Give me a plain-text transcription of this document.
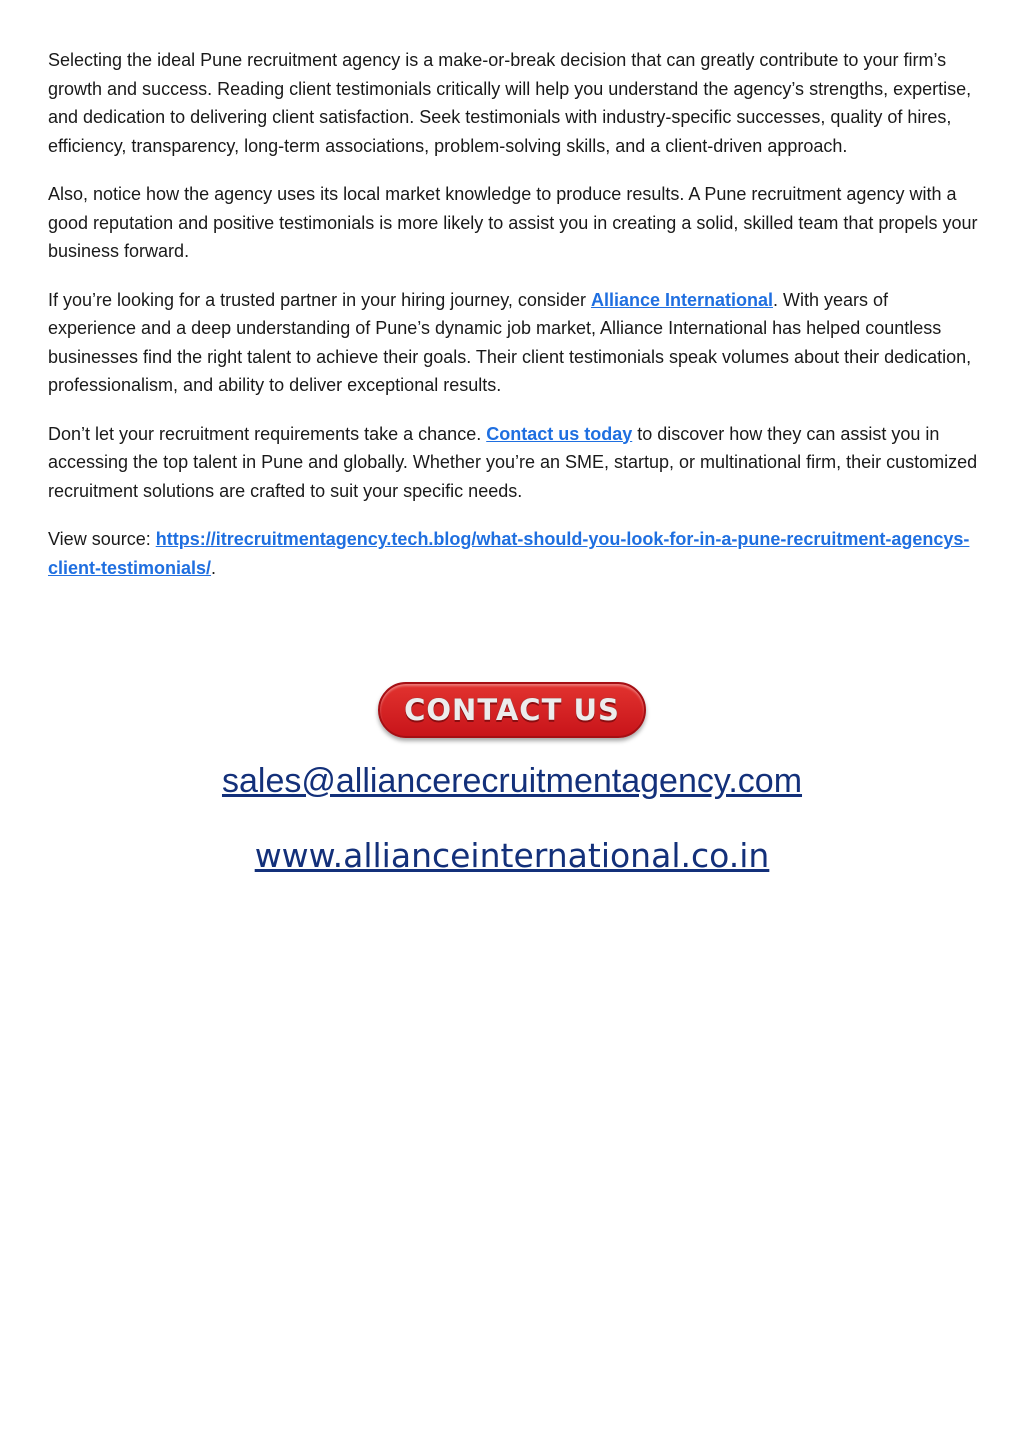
Selecting the ideal Pune recruitment agency is a make-or-break decision that can greatly contribute to your firm’s growth and success. Reading client testimonials critically will help you understand the agency’s strengths, expertise, and dedication to delivering client satisfaction. Seek testimonials with industry-specific successes, quality of hires, efficiency, transparency, long-term associations, problem-solving skills, and a client-driven approach.

Also, notice how the agency uses its local market knowledge to produce results. A Pune recruitment agency with a good reputation and positive testimonials is more likely to assist you in creating a solid, skilled team that propels your business forward.

If you’re looking for a trusted partner in your hiring journey, consider Alliance International. With years of experience and a deep understanding of Pune’s dynamic job market, Alliance International has helped countless businesses find the right talent to achieve their goals. Their client testimonials speak volumes about their dedication, professionalism, and ability to deliver exceptional results.

Don’t let your recruitment requirements take a chance. Contact us today to discover how they can assist you in accessing the top talent in Pune and globally. Whether you’re an SME, startup, or multinational firm, their customized recruitment solutions are crafted to suit your specific needs.

View source: https://itrecruitmentagency.tech.blog/what-should-you-look-for-in-a-pune-recruitment-agencys-client-testimonials/.

CONTACT US
sales@alliancerecruitmentagency.com
www.allianceinternational.co.in
